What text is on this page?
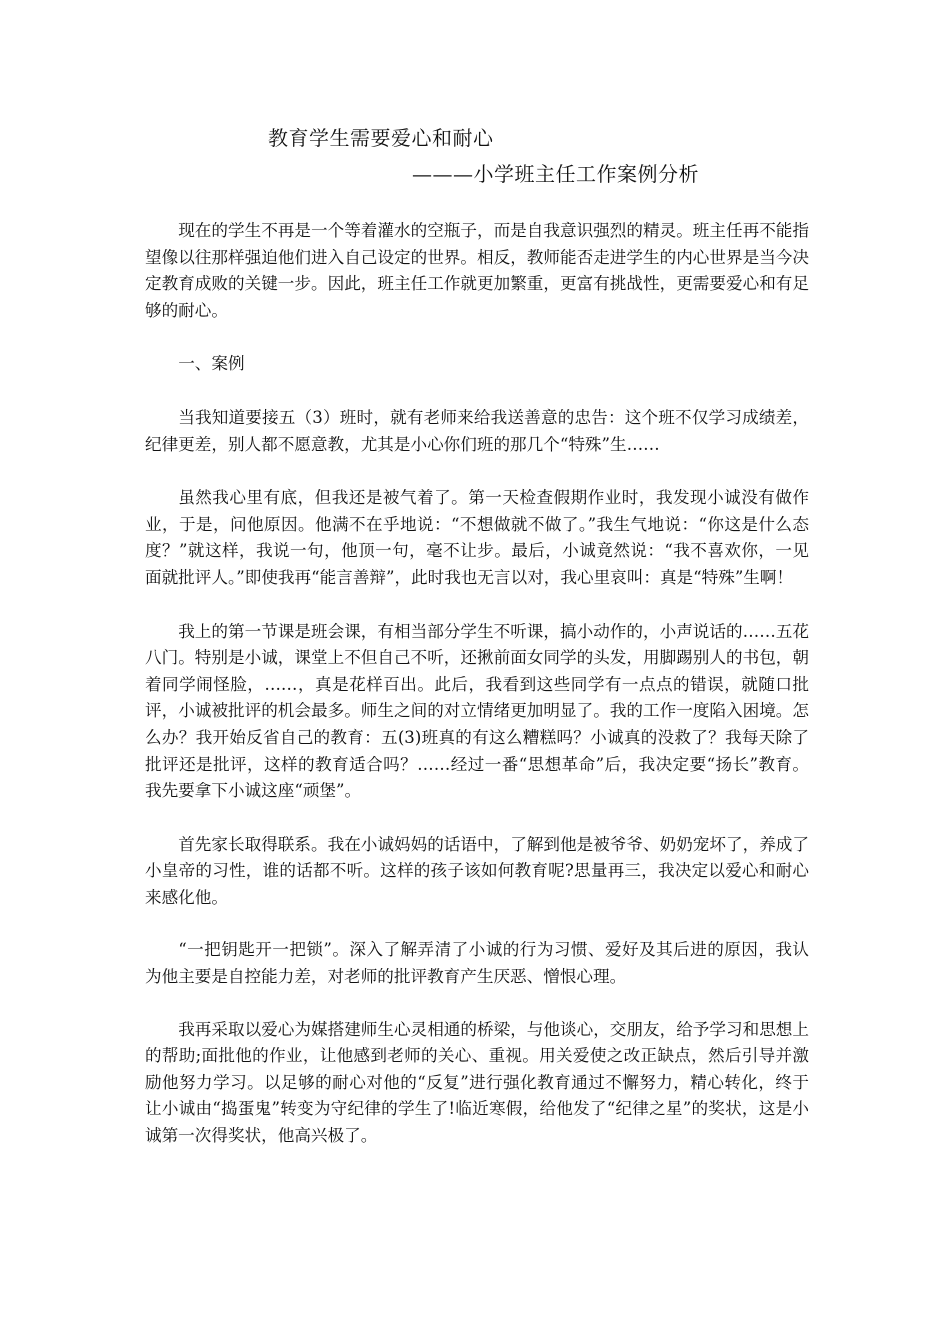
教育学生需要爱心和耐心
———小学班主任工作案例分析

现在的学生不再是一个等着灌水的空瓶子，而是自我意识强烈的精灵。班主任再不能指望像以往那样强迫他们进入自己设定的世界。相反，教师能否走进学生的内心世界是当今决定教育成败的关键一步。因此，班主任工作就更加繁重，更富有挑战性，更需要爱心和有足够的耐心。

一、案例

当我知道要接五（3）班时，就有老师来给我送善意的忠告：这个班不仅学习成绩差，纪律更差，别人都不愿意教，尤其是小心你们班的那几个“特殊”生……

虽然我心里有底，但我还是被气着了。第一天检查假期作业时，我发现小诚没有做作业，于是，问他原因。他满不在乎地说：“不想做就不做了。”我生气地说：“你这是什么态度？”就这样，我说一句，他顶一句，毫不让步。最后，小诚竟然说：“我不喜欢你，一见面就批评人。”即使我再“能言善辩”，此时我也无言以对，我心里哀叫：真是“特殊”生啊！

我上的第一节课是班会课，有相当部分学生不听课，搞小动作的，小声说话的……五花八门。特别是小诚，课堂上不但自己不听，还揪前面女同学的头发，用脚踢别人的书包，朝着同学闹怪脸，……，真是花样百出。此后，我看到这些同学有一点点的错误，就随口批评，小诚被批评的机会最多。师生之间的对立情绪更加明显了。我的工作一度陷入困境。怎么办？我开始反省自己的教育：五(3)班真的有这么糟糕吗？小诚真的没救了？我每天除了批评还是批评，这样的教育适合吗？……经过一番“思想革命”后，我决定要“扬长”教育。我先要拿下小诚这座“顽堡”。

首先家长取得联系。我在小诚妈妈的话语中，了解到他是被爷爷、奶奶宠坏了，养成了小皇帝的习性，谁的话都不听。这样的孩子该如何教育呢?思量再三，我决定以爱心和耐心来感化他。

“一把钥匙开一把锁”。深入了解弄清了小诚的行为习惯、爱好及其后进的原因，我认为他主要是自控能力差，对老师的批评教育产生厌恶、憎恨心理。

我再采取以爱心为媒搭建师生心灵相通的桥梁，与他谈心，交朋友，给予学习和思想上的帮助;面批他的作业，让他感到老师的关心、重视。用关爱使之改正缺点，然后引导并激励他努力学习。以足够的耐心对他的“反复”进行强化教育通过不懈努力，精心转化，终于让小诚由“捣蛋鬼”转变为守纪律的学生了!临近寒假，给他发了“纪律之星”的奖状，这是小诚第一次得奖状，他高兴极了。
